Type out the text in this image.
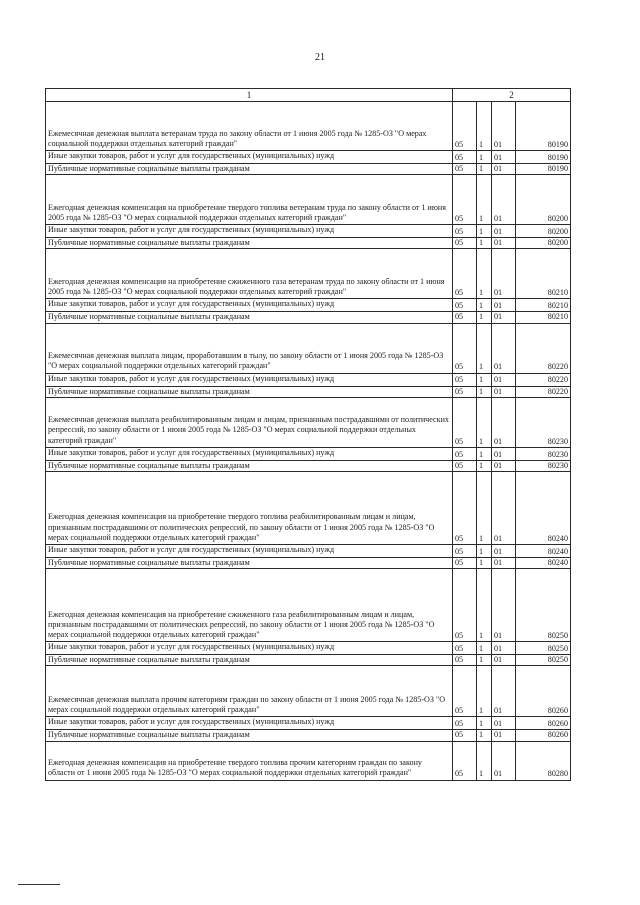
21
1	2			
Ежемесячная денежная выплата ветеранам труда по закону области от 1 июня 2005 года № 1285-ОЗ "О мерах социальной поддержки отдельных категорий граждан"	05	1	01	80190
Иные закупки товаров, работ и услуг для государственных (муниципальных) нужд	05	1	01	80190
Публичные нормативные социальные выплаты гражданам	05	1	01	80190
Ежегодная денежная компенсация на приобретение твердого топлива ветеранам труда по закону области от 1 июня 2005 года № 1285-ОЗ "О мерах социальной поддержки отдельных категорий граждан"	05	1	01	80200
Иные закупки товаров, работ и услуг для государственных (муниципальных) нужд	05	1	01	80200
Публичные нормативные социальные выплаты гражданам	05	1	01	80200
Ежегодная денежная компенсация на приобретение сжиженного газа ветеранам труда по закону области от 1 июня 2005 года № 1285-ОЗ "О мерах социальной поддержки отдельных категорий граждан"	05	1	01	80210
Иные закупки товаров, работ и услуг для государственных (муниципальных) нужд	05	1	01	80210
Публичные нормативные социальные выплаты гражданам	05	1	01	80210
Ежемесячная денежная выплата лицам, проработавшим в тылу, по закону области от 1 июня 2005 года № 1285-ОЗ "О мерах социальной поддержки отдельных категорий граждан"	05	1	01	80220
Иные закупки товаров, работ и услуг для государственных (муниципальных) нужд	05	1	01	80220
Публичные нормативные социальные выплаты гражданам	05	1	01	80220
Ежемесячная денежная выплата реабилитированным лицам и лицам, признанным пострадавшими от политических репрессий, по закону области от 1 июня 2005 года № 1285-ОЗ "О мерах социальной поддержки отдельных категорий граждан"	05	1	01	80230
Иные закупки товаров, работ и услуг для государственных (муниципальных) нужд	05	1	01	80230
Публичные нормативные социальные выплаты гражданам	05	1	01	80230
Ежегодная денежная компенсация на приобретение твердого топлива реабилитированным лицам и лицам, признанным пострадавшими от политических репрессий, по закону области от 1 июня 2005 года № 1285-ОЗ "О мерах социальной поддержки отдельных категорий граждан"	05	1	01	80240
Иные закупки товаров, работ и услуг для государственных (муниципальных) нужд	05	1	01	80240
Публичные нормативные социальные выплаты гражданам	05	1	01	80240
Ежегодная денежная компенсация на приобретение сжиженного газа реабилитированным лицам и лицам, признанным пострадавшими от политических репрессий, по закону области от 1 июня 2005 года № 1285-ОЗ "О мерах социальной поддержки отдельных категорий граждан"	05	1	01	80250
Иные закупки товаров, работ и услуг для государственных (муниципальных) нужд	05	1	01	80250
Публичные нормативные социальные выплаты гражданам	05	1	01	80250
Ежемесячная денежная выплата прочим категориям граждан по закону области от 1 июня 2005 года № 1285-ОЗ "О мерах социальной поддержки отдельных категорий граждан"	05	1	01	80260
Иные закупки товаров, работ и услуг для государственных (муниципальных) нужд	05	1	01	80260
Публичные нормативные социальные выплаты гражданам	05	1	01	80260
Ежегодная денежная компенсация на приобретение твердого топлива прочим категориям граждан по закону области от 1 июня 2005 года № 1285-ОЗ "О мерах социальной поддержки отдельных категорий граждан"	05	1	01	80280
